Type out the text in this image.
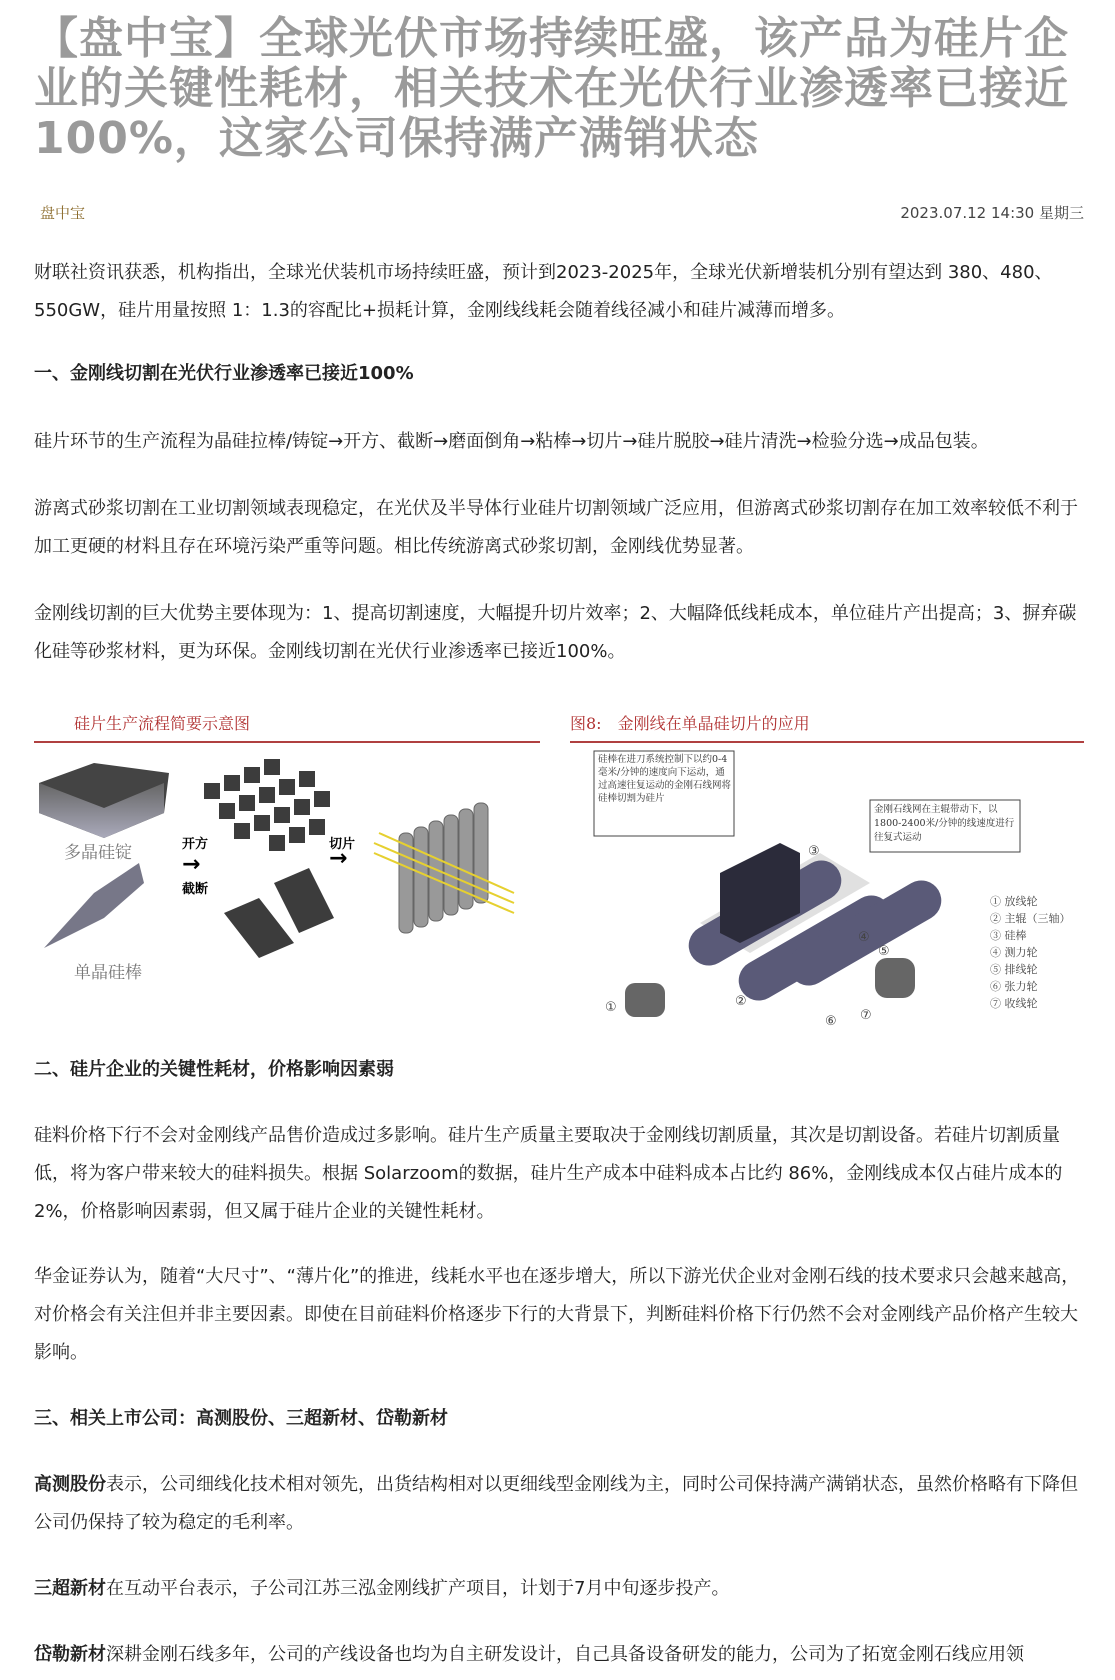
【盘中宝】全球光伏市场持续旺盛，该产品为硅片企业的关键性耗材，相关技术在光伏行业渗透率已接近100%，这家公司保持满产满销状态
盘中宝	2023.07.12 14:30 星期三

财联社资讯获悉，机构指出，全球光伏装机市场持续旺盛，预计到2023-2025年，全球光伏新增装机分别有望达到 380、480、550GW，硅片用量按照 1：1.3的容配比+损耗计算，金刚线线耗会随着线径减小和硅片减薄而增多。

一、金刚线切割在光伏行业渗透率已接近100%

硅片环节的生产流程为晶硅拉棒/铸锭→开方、截断→磨面倒角→粘棒→切片→硅片脱胶→硅片清洗→检验分选→成品包装。

游离式砂浆切割在工业切割领域表现稳定，在光伏及半导体行业硅片切割领域广泛应用，但游离式砂浆切割存在加工效率较低不利于加工更硬的材料且存在环境污染严重等问题。相比传统游离式砂浆切割，金刚线优势显著。

金刚线切割的巨大优势主要体现为：1、提高切割速度，大幅提升切片效率；2、大幅降低线耗成本，单位硅片产出提高；3、摒弃碳化硅等砂浆材料，更为环保。金刚线切割在光伏行业渗透率已接近100%。

硅片生产流程简要示意图
多晶硅锭
单晶硅棒
开方
截断
切片
→	→
图8:　金刚线在单晶硅切片的应用
硅棒在进刀系统控制下以约0-4毫米/分钟的速度向下运动，通过高速往复运动的金刚石线网将硅棒切割为硅片
金刚石线网在主辊带动下，以1800-2400米/分钟的线速度进行往复式运动
①	②
③
④
⑤
⑥ ⑦
① 放线轮
② 主辊（三轴）
③ 硅棒
④ 测力轮
⑤ 排线轮
⑥ 张力轮
⑦ 收线轮
二、硅片企业的关键性耗材，价格影响因素弱

硅料价格下行不会对金刚线产品售价造成过多影响。硅片生产质量主要取决于金刚线切割质量，其次是切割设备。若硅片切割质量低，将为客户带来较大的硅料损失。根据 Solarzoom的数据，硅片生产成本中硅料成本占比约 86%，金刚线成本仅占硅片成本的 2%，价格影响因素弱，但又属于硅片企业的关键性耗材。

华金证券认为，随着“大尺寸”、“薄片化”的推进，线耗水平也在逐步增大，所以下游光伏企业对金刚石线的技术要求只会越来越高，对价格会有关注但并非主要因素。即使在目前硅料价格逐步下行的大背景下，判断硅料价格下行仍然不会对金刚线产品价格产生较大影响。

三、相关上市公司：高测股份、三超新材、岱勒新材

高测股份表示，公司细线化技术相对领先，出货结构相对以更细线型金刚线为主，同时公司保持满产满销状态，虽然价格略有下降但公司仍保持了较为稳定的毛利率。

三超新材在互动平台表示，子公司江苏三泓金刚线扩产项目，计划于7月中旬逐步投产。

岱勒新材深耕金刚石线多年，公司的产线设备也均为自主研发设计，自己具备设备研发的能力，公司为了拓宽金刚石线应用领
